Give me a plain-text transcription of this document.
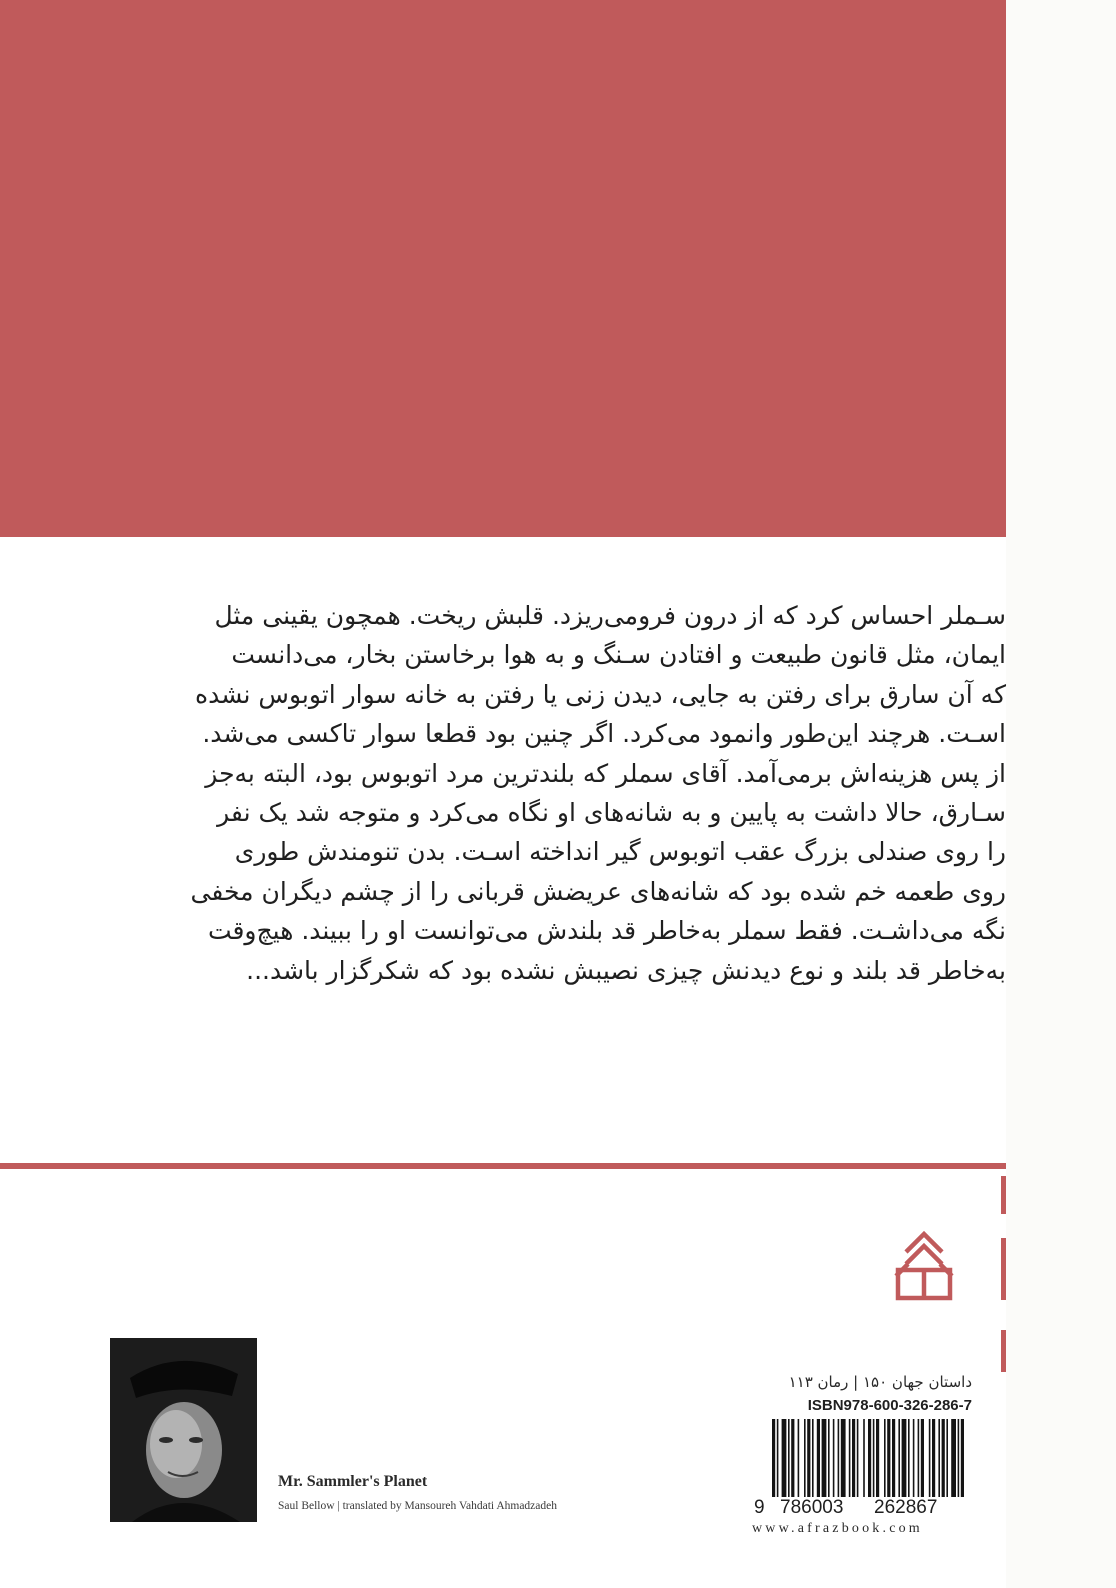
سـملر احساس کرد که از درون فرومی‌ریزد. قلبش ریخت. همچون یقینی مثل
ایمان، مثل قانون طبیعت و افتادن سـنگ و به هوا برخاستن بخار، می‌دانست
که آن سارق برای رفتن به جایی، دیدن زنی یا رفتن به خانه سوار اتوبوس نشده
اسـت. هرچند این‌طور وانمود می‌کرد. اگر چنین بود قطعا سوار تاکسی می‌شد.
از پس هزینه‌اش برمی‌آمد. آقای سملر که بلندترین مرد اتوبوس بود، البته به‌جز
سـارق، حالا داشت به پایین و به شانه‌های او نگاه می‌کرد و متوجه شد یک نفر
را روی صندلی بزرگ عقب اتوبوس گیر انداخته اسـت. بدن تنومندش طوری
روی طعمه خم شده بود که شانه‌های عریضش قربانی را از چشم دیگران مخفی
نگه می‌داشـت. فقط سملر به‌خاطر قد بلندش می‌توانست او را ببیند. هیچ‌وقت
به‌خاطر قد بلند و نوع دیدنش چیزی نصیبش نشده بود که شکرگزار باشد...
Mr. Sammler's Planet
Saul Bellow | translated by Mansoureh Vahdati Ahmadzadeh
داستان جهان ۱۵۰ | رمان ۱۱۳
ISBN978-600-326-286-7
9 786003 262867
www.afrazbook.com
